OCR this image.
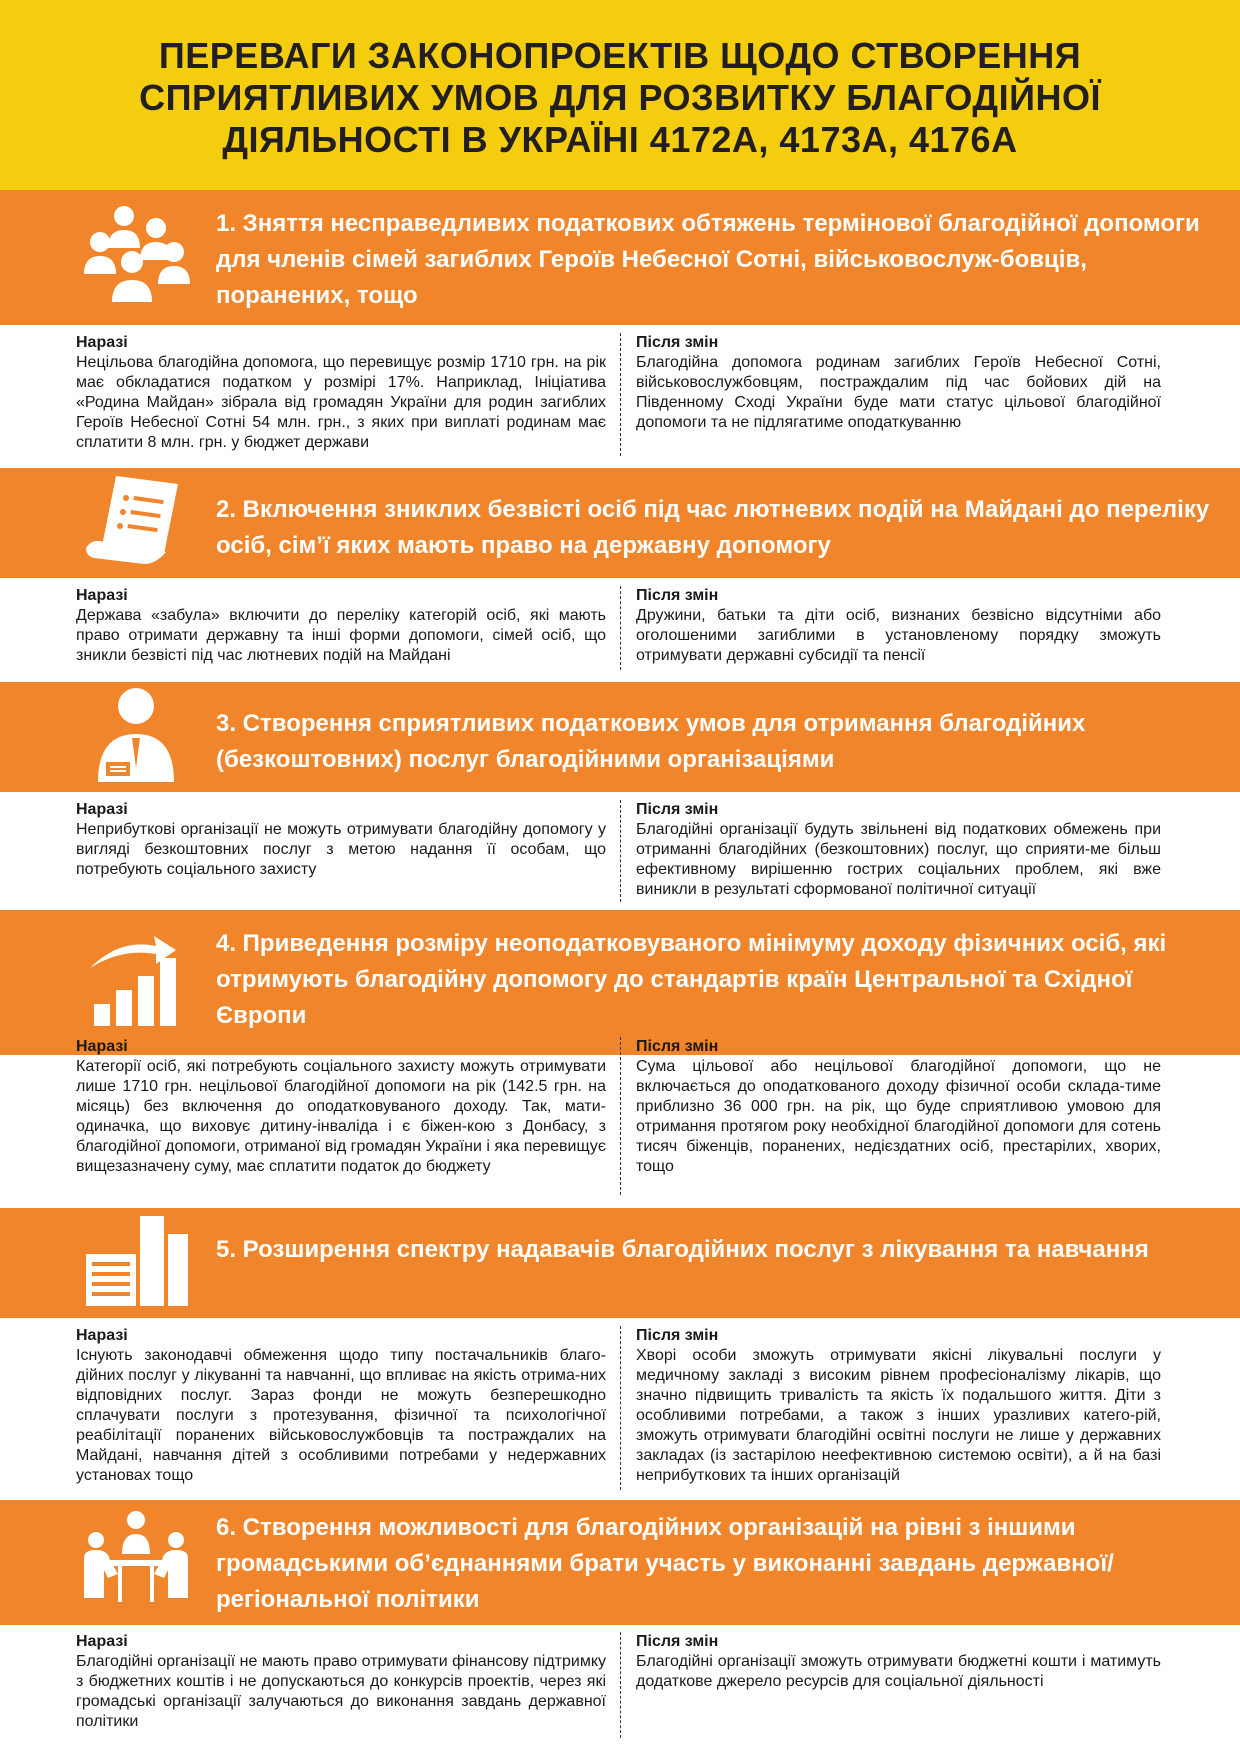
ПЕРЕВАГИ ЗАКОНОПРОЕКТІВ ЩОДО СТВОРЕННЯ СПРИЯТЛИВИХ УМОВ ДЛЯ РОЗВИТКУ БЛАГОДІЙНОЇ ДІЯЛЬНОСТІ В УКРАЇНІ 4172А, 4173А, 4176А
1. Зняття несправедливих податкових обтяжень термінової благодійної допомоги для членів сімей загиблих Героїв Небесної Сотні, військовослуж-бовців, поранених, тощо
Наразі
Нецільова благодійна допомога, що перевищує розмір 1710 грн. на рік має обкладатися податком у розмірі 17%. Наприклад, Ініціатива «Родина Майдан» зібрала від громадян України для родин загиблих Героїв Небесної Сотні 54 млн. грн., з яких при виплаті родинам має сплатити 8 млн. грн. у бюджет держави
Після змін
Благодійна допомога родинам загиблих Героїв Небесної Сотні, військовослужбовцям, постраждалим під час бойових дій на Південному Сході України буде мати статус цільової благодійної допомоги та не підлягатиме оподаткуванню
2. Включення зниклих безвісті осіб під час лютневих подій на Майдані до переліку осіб, сім’ї яких мають право на державну допомогу
Наразі
Держава «забула» включити до переліку категорій осіб, які мають право отримати державну та інші форми допомоги, сімей осіб, що зникли безвісті під час лютневих подій на Майдані
Після змін
Дружини, батьки та діти осіб, визнаних безвісно відсутніми або оголошеними загиблими в установленому порядку зможуть отримувати державні субсидії та пенсії
3. Створення сприятливих податкових умов для отримання благодійних (безкоштовних) послуг благодійними організаціями
Наразі
Неприбуткові організації не можуть отримувати благодійну допомогу у вигляді безкоштовних послуг з метою надання її особам, що потребують соціального захисту
Після змін
Благодійні організації будуть звільнені від податкових обмежень при отриманні благодійних (безкоштовних) послуг, що сприяти-ме більш ефективному вирішенню гострих соціальних проблем, які вже виникли в результаті сформованої політичної ситуації
4. Приведення розміру неоподатковуваного мінімуму доходу фізичних осіб, які отримують благодійну допомогу до стандартів країн Центральної та Східної Європи
Наразі
Категорії осіб, які потребують соціального захисту можуть отримувати лише 1710 грн. нецільової благодійної допомоги на рік (142.5 грн. на місяць) без включення до оподатковуваного доходу. Так, мати-одиначка, що виховує дитину-інваліда і є біжен-кою з Донбасу, з благодійної допомоги, отриманої від громадян України і яка перевищує вищезазначену суму, має сплатити податок до бюджету
Після змін
Сума цільової або нецільової благодійної допомоги, що не включається до оподаткованого доходу фізичної особи склада-тиме приблизно 36 000 грн. на рік, що буде сприятливою умовою для отримання протягом року необхідної благодійної допомоги для сотень тисяч біженців, поранених, недієздатних осіб, престарілих, хворих, тощо
5. Розширення спектру надавачів благодійних послуг з лікування та навчання
Наразі
Існують законодавчі обмеження щодо типу постачальників благо-дійних послуг у лікуванні та навчанні, що впливає на якість отрима-них відповідних послуг. Зараз фонди не можуть безперешкодно сплачувати послуги з протезування, фізичної та психологічної реабілітації поранених військовослужбовців та постраждалих на Майдані, навчання дітей з особливими потребами у недержавних установах тощо
Після змін
Хворі особи зможуть отримувати якісні лікувальні послуги у медичному закладі з високим рівнем професіоналізму лікарів, що значно підвищить тривалість та якість їх подальшого життя. Діти з особливими потребами, а також з інших уразливих катего-рій, зможуть отримувати благодійні освітні послуги не лише у державних закладах (із застарілою неефективною системою освіти), а й на базі неприбуткових та інших організацій
6. Створення можливості для благодійних організацій на рівні з іншими громадськими об’єднаннями брати участь у виконанні завдань державної/регіональної політики
Наразі
Благодійні організації не мають право отримувати фінансову підтримку з бюджетних коштів і не допускаються до конкурсів проектів, через які громадські організації залучаються до виконання завдань державної політики
Після змін
Благодійні організації зможуть отримувати бюджетні кошти і матимуть додаткове джерело ресурсів для соціальної діяльності
